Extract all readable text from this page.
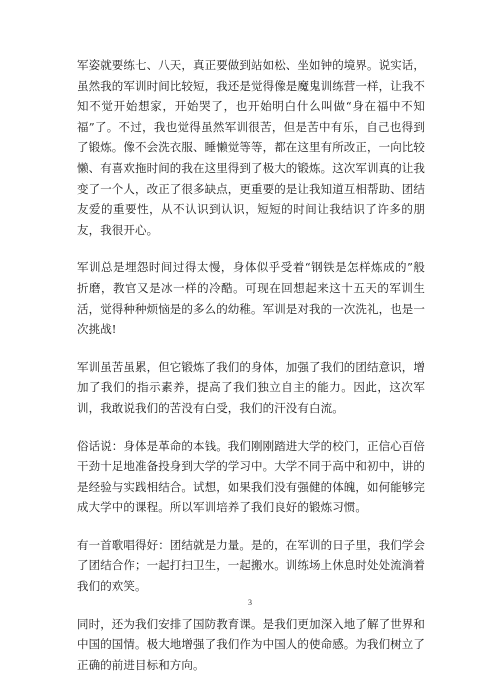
军姿就要练七、八天，真正要做到站如松、坐如钟的境界。说实话，虽然我的军训时间比较短，我还是觉得像是魔鬼训练营一样，让我不知不觉开始想家，开始哭了，也开始明白什么叫做“身在福中不知福”了。不过，我也觉得虽然军训很苦，但是苦中有乐，自己也得到了锻炼。像不会洗衣服、睡懒觉等等，都在这里有所改正，一向比较懒、有喜欢拖时间的我在这里得到了极大的锻炼。这次军训真的让我变了一个人，改正了很多缺点，更重要的是让我知道互相帮助、团结友爱的重要性，从不认识到认识，短短的时间让我结识了许多的朋友，我很开心。

军训总是埋怨时间过得太慢，身体似乎受着“钢铁是怎样炼成的”般折磨，教官又是冰一样的冷酷。可现在回想起来这十五天的军训生活，觉得种种烦恼是的多么的幼稚。军训是对我的一次洗礼，也是一次挑战!

军训虽苦虽累，但它锻炼了我们的身体，加强了我们的团结意识，增加了我们的指示素养，提高了我们独立自主的能力。因此，这次军训，我敢说我们的苦没有白受，我们的汗没有白流。

俗话说：身体是革命的本钱。我们刚刚踏进大学的校门，正信心百倍干劲十足地准备投身到大学的学习中。大学不同于高中和初中，讲的是经验与实践相结合。试想，如果我们没有强健的体魄，如何能够完成大学中的课程。所以军训培养了我们良好的锻炼习惯。

有一首歌唱得好：团结就是力量。是的，在军训的日子里，我们学会了团结合作；一起打扫卫生，一起搬水。训练场上休息时处处流淌着我们的欢笑。

同时，还为我们安排了国防教育课。是我们更加深入地了解了世界和中国的国情。极大地增强了我们作为中国人的使命感。为我们树立了正确的前进目标和方向。

3
